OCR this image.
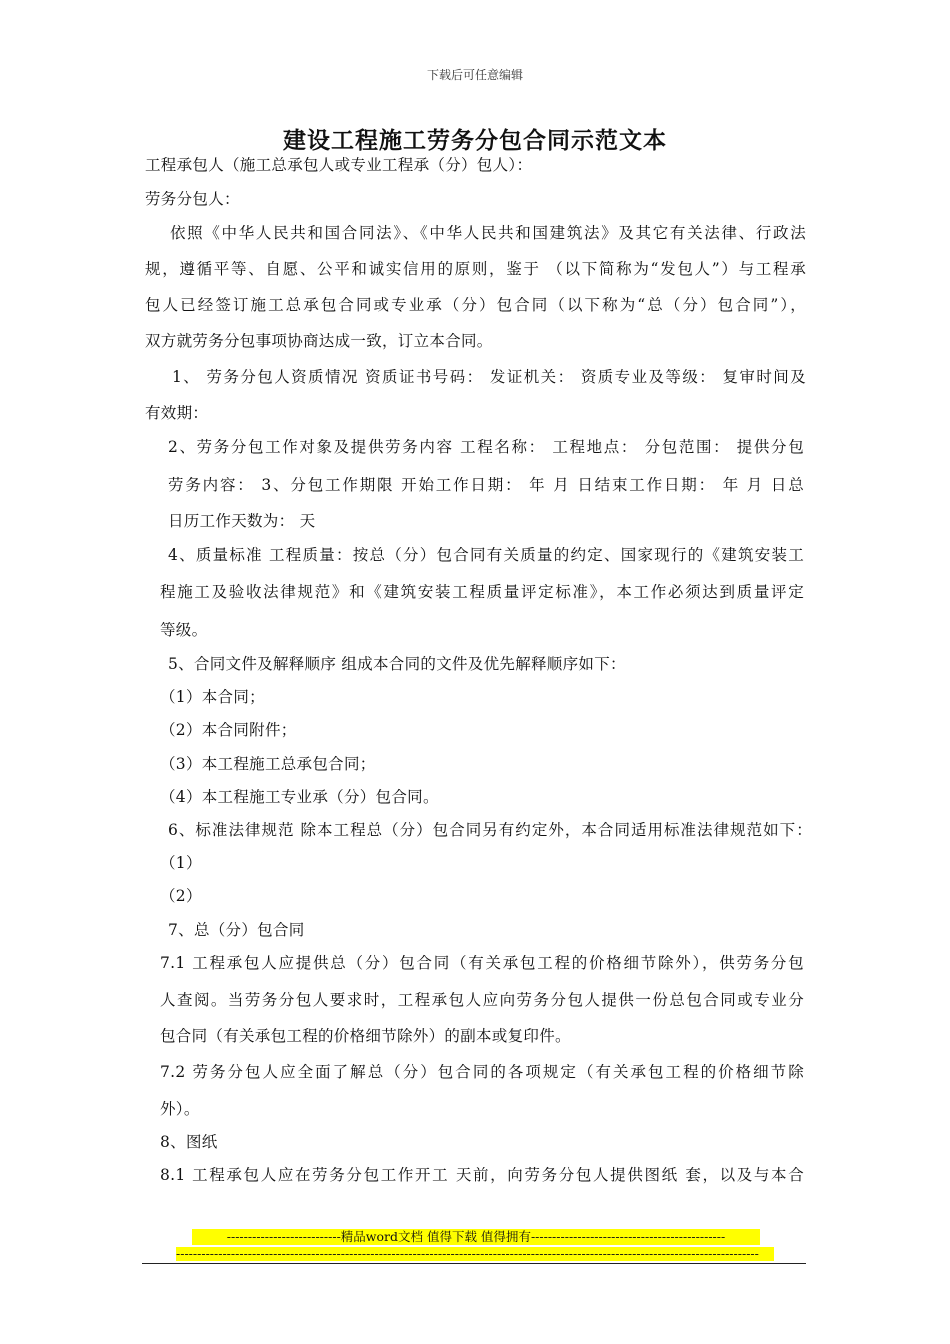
下载后可任意编辑
建设工程施工劳务分包合同示范文本
工程承包人（施工总承包人或专业工程承（分）包人）：
劳务分包人：
依照《中华人民共和国合同法》、《中华人民共和国建筑法》及其它有关法律、行政法
规，遵循平等、自愿、公平和诚实信用的原则，鉴于 （以下简称为“发包人”）与工程承
包人已经签订施工总承包合同或专业承（分）包合同（以下称为“总（分）包合同”），
双方就劳务分包事项协商达成一致，订立本合同。
1、 劳务分包人资质情况 资质证书号码： 发证机关： 资质专业及等级： 复审时间及
有效期：
2、劳务分包工作对象及提供劳务内容 工程名称： 工程地点： 分包范围： 提供分包
劳务内容： 3、分包工作期限 开始工作日期： 年 月 日结束工作日期： 年 月 日总
日历工作天数为： 天
4、质量标准 工程质量：按总（分）包合同有关质量的约定、国家现行的《建筑安装工
程施工及验收法律规范》和《建筑安装工程质量评定标准》，本工作必须达到质量评定
等级。
5、合同文件及解释顺序 组成本合同的文件及优先解释顺序如下：
（1）本合同；
（2）本合同附件；
（3）本工程施工总承包合同；
（4）本工程施工专业承（分）包合同。
6、标准法律规范 除本工程总（分）包合同另有约定外，本合同适用标准法律规范如下：
（1）
（2）
7、总（分）包合同
7.1 工程承包人应提供总（分）包合同（有关承包工程的价格细节除外），供劳务分包
人查阅。当劳务分包人要求时，工程承包人应向劳务分包人提供一份总包合同或专业分
包合同（有关承包工程的价格细节除外）的副本或复印件。
7.2 劳务分包人应全面了解总（分）包合同的各项规定（有关承包工程的价格细节除
外）。
8、图纸
8.1 工程承包人应在劳务分包工作开工 天前，向劳务分包人提供图纸 套，以及与本合
---------------------------精品word文档 值得下载 值得拥有----------------------------------------------
------------------------------------------------------------------------------------------------------------------------------------------
